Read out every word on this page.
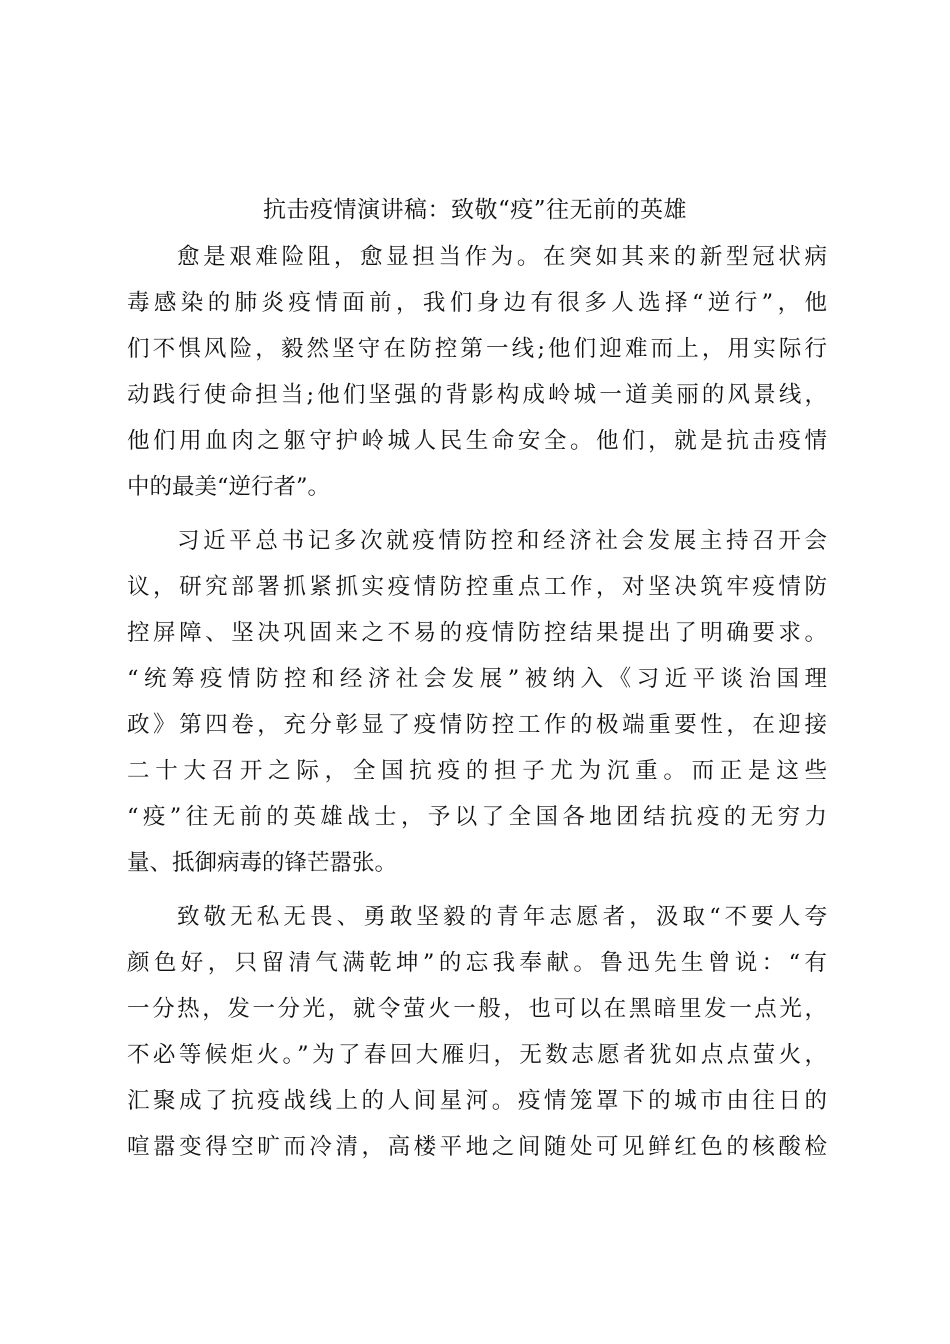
抗击疫情演讲稿：致敬“疫”往无前的英雄
愈是艰难险阻，愈显担当作为。在突如其来的新型冠状病
毒感染的肺炎疫情面前，我们身边有很多人选择“逆行”，他
们不惧风险，毅然坚守在防控第一线;他们迎难而上，用实际行
动践行使命担当;他们坚强的背影构成岭城一道美丽的风景线，
他们用血肉之躯守护岭城人民生命安全。他们，就是抗击疫情
中的最美“逆行者”。
习近平总书记多次就疫情防控和经济社会发展主持召开会
议，研究部署抓紧抓实疫情防控重点工作，对坚决筑牢疫情防
控屏障、坚决巩固来之不易的疫情防控结果提出了明确要求。
“统筹疫情防控和经济社会发展”被纳入《习近平谈治国理
政》第四卷，充分彰显了疫情防控工作的极端重要性，在迎接
二十大召开之际，全国抗疫的担子尤为沉重。而正是这些
“疫”往无前的英雄战士，予以了全国各地团结抗疫的无穷力
量、抵御病毒的锋芒嚣张。
致敬无私无畏、勇敢坚毅的青年志愿者，汲取“不要人夸
颜色好，只留清气满乾坤”的忘我奉献。鲁迅先生曾说：“有
一分热，发一分光，就令萤火一般，也可以在黑暗里发一点光，
不必等候炬火。”为了春回大雁归，无数志愿者犹如点点萤火，
汇聚成了抗疫战线上的人间星河。疫情笼罩下的城市由往日的
喧嚣变得空旷而冷清，高楼平地之间随处可见鲜红色的核酸检
